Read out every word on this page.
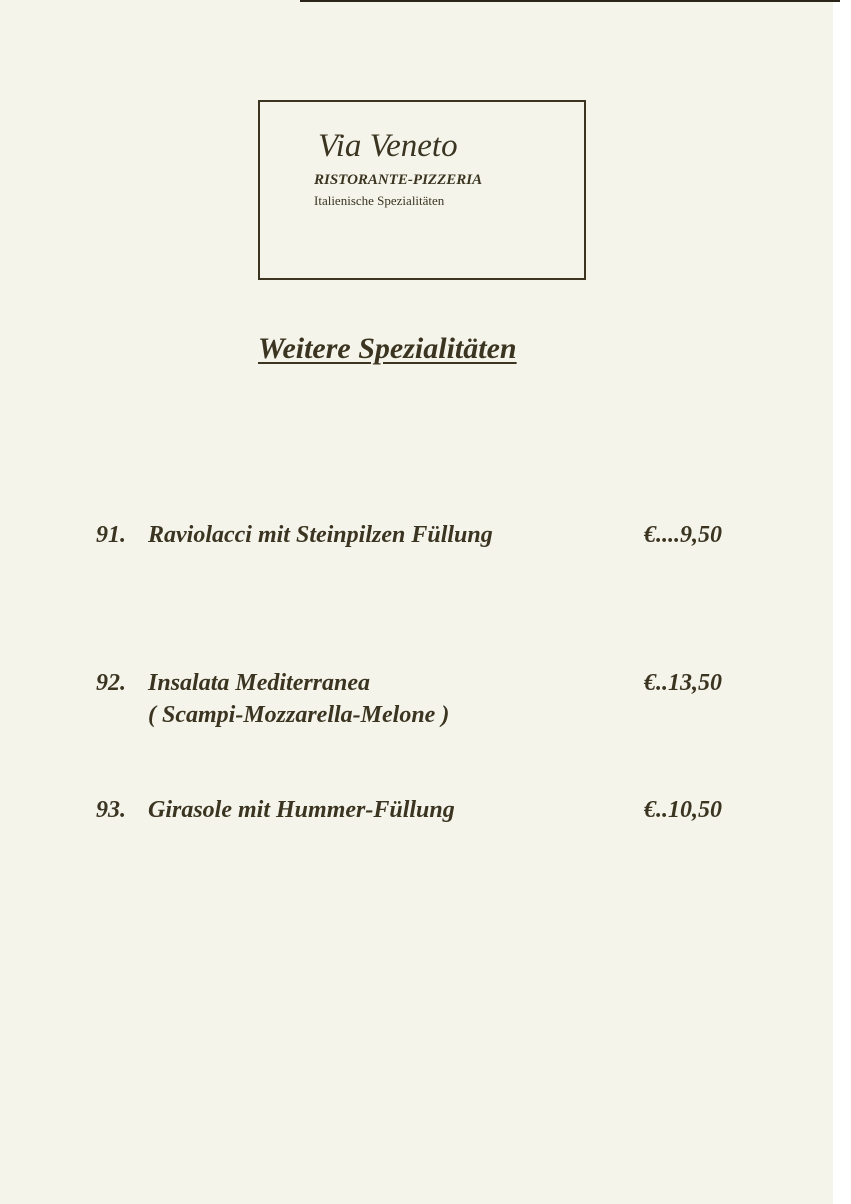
Via Veneto
RISTORANTE-PIZZERIA
Italienische Spezialitäten
Weitere Spezialitäten
91. Raviolacci mit Steinpilzen Füllung	€....9,50
92. Insalata Mediterranea
( Scampi-Mozzarella-Melone )
€..13,50
93. Girasole mit Hummer-Füllung	€..10,50
